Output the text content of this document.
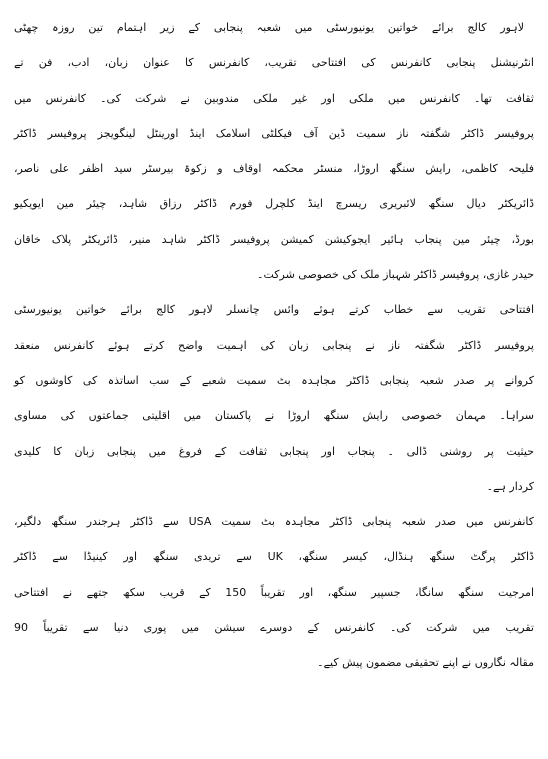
لاہور کالج برائے خواتین یونیورسٹی میں شعبہ پنجابی کے زیر اہتمام تین روزہ چھٹی
انٹرنیشنل پنجابی کانفرنس کی افتتاحی تقریب، کانفرنس کا عنوان زبان، ادب، فن تے
ثقافت تھا۔ کانفرنس میں ملکی اور غیر ملکی مندوبین نے شرکت کی۔ کانفرنس میں
پروفیسر ڈاکٹر شگفتہ ناز سمیت ڈین آف فیکلٹی اسلامک اینڈ اورینٹل لینگویجز پروفیسر ڈاکٹر
فلیحہ کاظمی، رایش سنگھ اروڑا، منسٹر محکمہ اوقاف و زکوۃ بیرسٹر سید اظفر علی ناصر،
ڈائریکٹر دیال سنگھ لائبریری ریسرچ اینڈ کلچرل فورم ڈاکٹر رزاق شاہد، چیئر مین ایویکیو
بورڈ، چیئر مین پنجاب ہائیر ایجوکیشن کمیشن پروفیسر ڈاکٹر شاہد منیر، ڈائریکٹر پلاک خاقان
حیدر غازی، پروفیسر ڈاکٹر شہباز ملک کی خصوصی شرکت۔
افتتاحی تقریب سے خطاب کرتے ہوئے وائس چانسلر لاہور کالج برائے خواتین یونیورسٹی
پروفیسر ڈاکٹر شگفتہ ناز نے پنجابی زبان کی اہمیت واضح کرتے ہوئے کانفرنس منعقد
کروانے پر صدر شعبہ پنجابی ڈاکٹر مجاہدہ بٹ سمیت شعبے کے سب اساتذہ کی کاوشوں کو
سراہا۔ مہمان خصوصی رایش سنگھ اروڑا نے پاکستان میں اقلیتی جماعتوں کی مساوی
حیثیت پر روشنی ڈالی ۔ پنجاب اور پنجابی ثقافت کے فروغ میں پنجابی زبان کا کلیدی
کردار ہے۔
کانفرنس میں صدر شعبہ پنجابی ڈاکٹر مجاہدہ بٹ سمیت USA سے ڈاکٹر ہرجندر سنگھ دلگیر،
ڈاکٹر پرگٹ سنگھ ہنڈال، کیسر سنگھ، UK سے تریدی سنگھ اور کینیڈا سے ڈاکٹر
امرجیت سنگھ سانگا، جسپیر سنگھ، اور تقریباً 150 کے قریب سکھ جتھے نے افتتاحی
تقریب میں شرکت کی۔ کانفرنس کے دوسرے سیشن میں پوری دنیا سے تقریباً 90
مقالہ نگاروں نے اپنے تحقیقی مضمون پیش کیے۔
